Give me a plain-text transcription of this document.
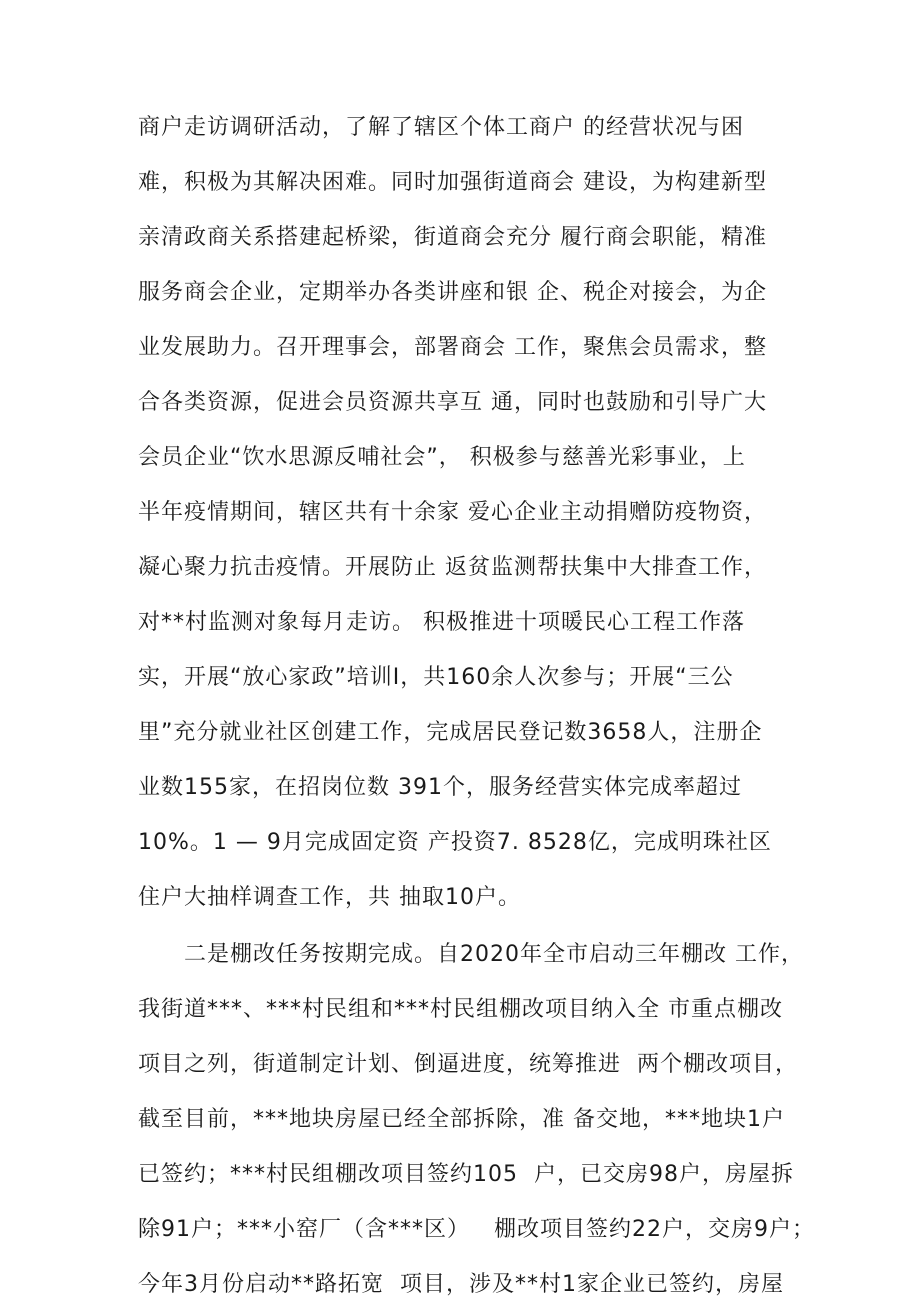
商户走访调研活动，了解了辖区个体工商户 的经营状况与困
难，积极为其解决困难。同时加强街道商会 建设，为构建新型
亲清政商关系搭建起桥梁，街道商会充分 履行商会职能，精准
服务商会企业，定期举办各类讲座和银 企、税企对接会，为企
业发展助力。召开理事会，部署商会 工作，聚焦会员需求，整
合各类资源，促进会员资源共享互 通，同时也鼓励和引导广大
会员企业“饮水思源反哺社会”， 积极参与慈善光彩事业，上
半年疫情期间，辖区共有十余家 爱心企业主动捐赠防疫物资，
凝心聚力抗击疫情。开展防止 返贫监测帮扶集中大排查工作，
对**村监测对象每月走访。 积极推进十项暖民心工程工作落
实，开展“放心家政”培训I，共160余人次参与；开展“三公
里”充分就业社区创建工作，完成居民登记数3658人，注册企
业数155家，在招岗位数 391个，服务经营实体完成率超过
10%。1 — 9月完成固定资 产投资7. 8528亿，完成明珠社区
住户大抽样调查工作，共 抽取10户。
二是棚改任务按期完成。自2020年全市启动三年棚改 工作，
我街道***、***村民组和***村民组棚改项目纳入全 市重点棚改
项目之列，街道制定计划、倒逼进度，统筹推进  两个棚改项目，
截至目前，***地块房屋已经全部拆除，准 备交地，***地块1户
已签约；***村民组棚改项目签约105  户，已交房98户，房屋拆
除91户；***小窑厂（含***区）   棚改项目签约22户，交房9户；
今年3月份启动**路拓宽  项目，涉及**村1家企业已签约，房屋
